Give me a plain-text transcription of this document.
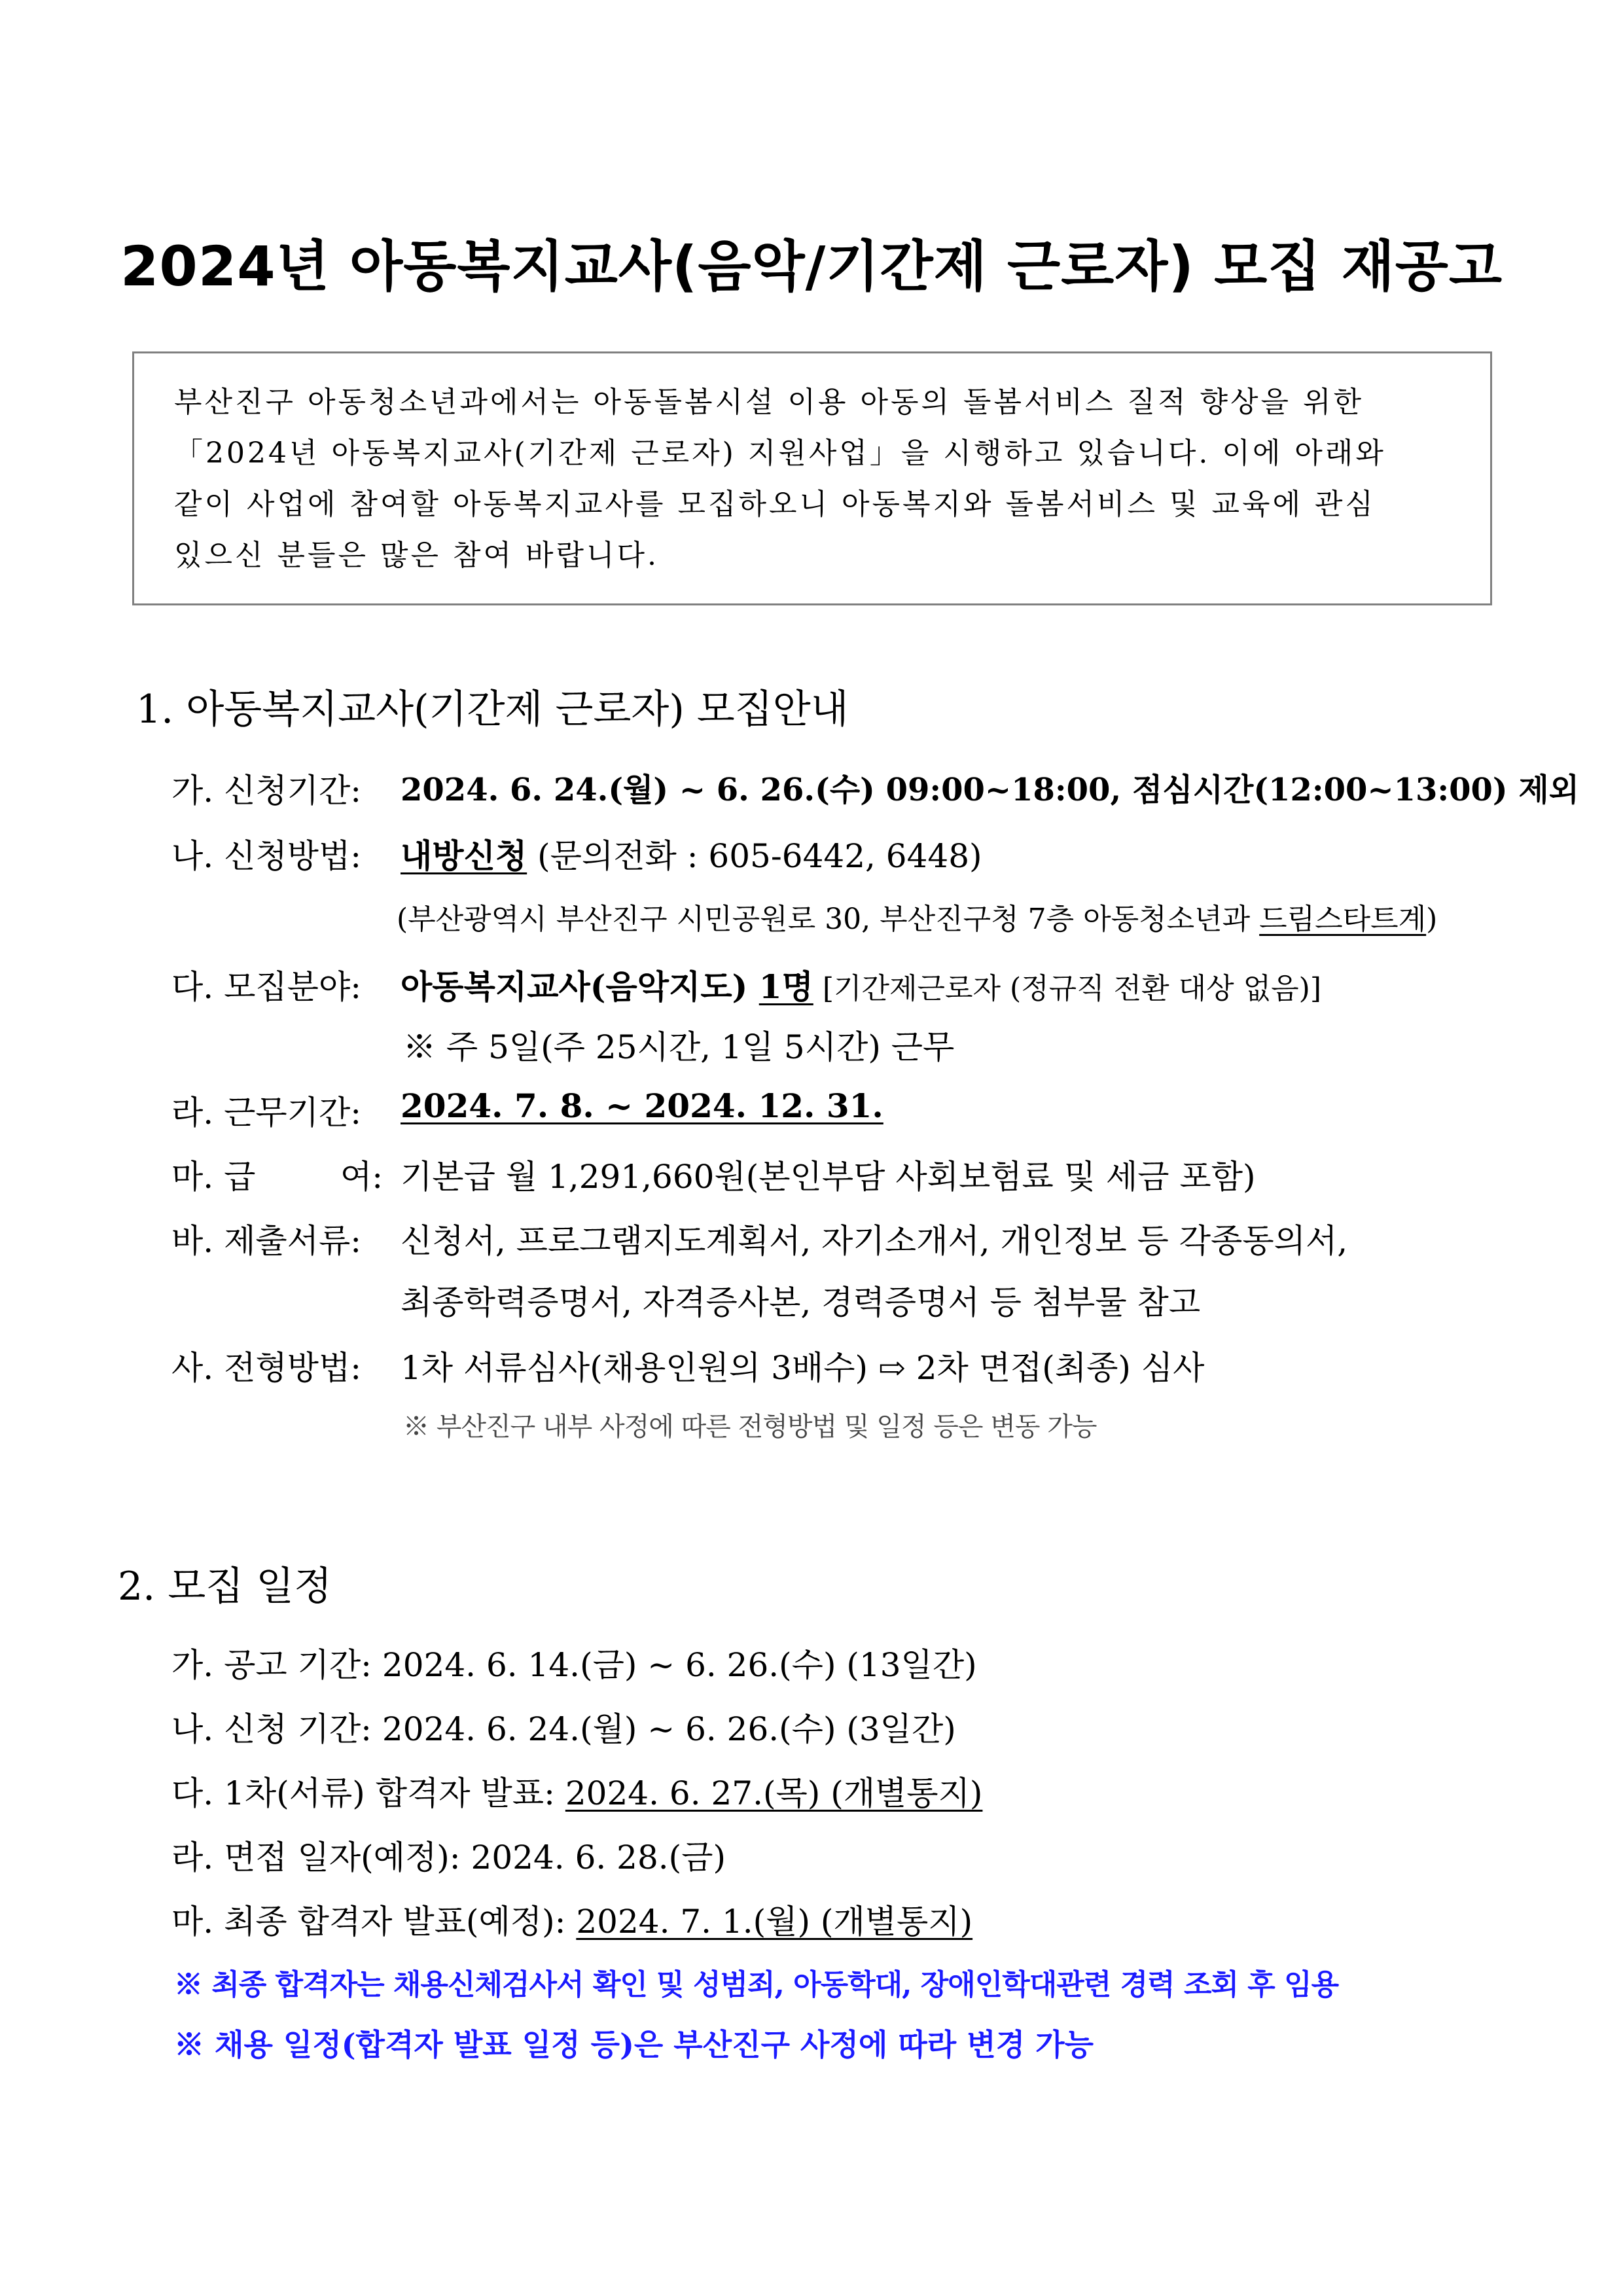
2024년 아동복지교사(음악/기간제 근로자) 모집 재공고
부산진구 아동청소년과에서는 아동돌봄시설 이용 아동의 돌봄서비스 질적 향상을 위한
「2024년 아동복지교사(기간제 근로자) 지원사업」을 시행하고 있습니다. 이에 아래와
같이 사업에 참여할 아동복지교사를 모집하오니 아동복지와 돌봄서비스 및 교육에 관심
있으신 분들은 많은 참여 바랍니다.
1. 아동복지교사(기간제 근로자) 모집안내
가. 신청기간: 2024. 6. 24.(월) ~ 6. 26.(수) 09:00~18:00, 점심시간(12:00~13:00) 제외
나. 신청방법: 내방신청 (문의전화 : 605-6442, 6448)
(부산광역시 부산진구 시민공원로 30, 부산진구청 7층 아동청소년과 드림스타트계)
다. 모집분야: 아동복지교사(음악지도) 1명 [기간제근로자 (정규직 전환 대상 없음)]
※ 주 5일(주 25시간, 1일 5시간) 근무
라. 근무기간: 2024. 7. 8. ~ 2024. 12. 31.
마. 급	여: 기본급 월 1,291,660원(본인부담 사회보험료 및 세금 포함)
바. 제출서류: 신청서, 프로그램지도계획서, 자기소개서, 개인정보 등 각종동의서,
최종학력증명서, 자격증사본, 경력증명서 등 첨부물 참고
사. 전형방법: 1차 서류심사(채용인원의 3배수) ⇨ 2차 면접(최종) 심사
※ 부산진구 내부 사정에 따른 전형방법 및 일정 등은 변동 가능
2. 모집 일정
가. 공고 기간: 2024. 6. 14.(금) ~ 6. 26.(수) (13일간)
나. 신청 기간: 2024. 6. 24.(월) ~ 6. 26.(수) (3일간)
다. 1차(서류) 합격자 발표: 2024. 6. 27.(목) (개별통지)
라. 면접 일자(예정): 2024. 6. 28.(금)
마. 최종 합격자 발표(예정): 2024. 7. 1.(월) (개별통지)
※ 최종 합격자는 채용신체검사서 확인 및 성범죄, 아동학대, 장애인학대관련 경력 조회 후 임용
※ 채용 일정(합격자 발표 일정 등)은 부산진구 사정에 따라 변경 가능
